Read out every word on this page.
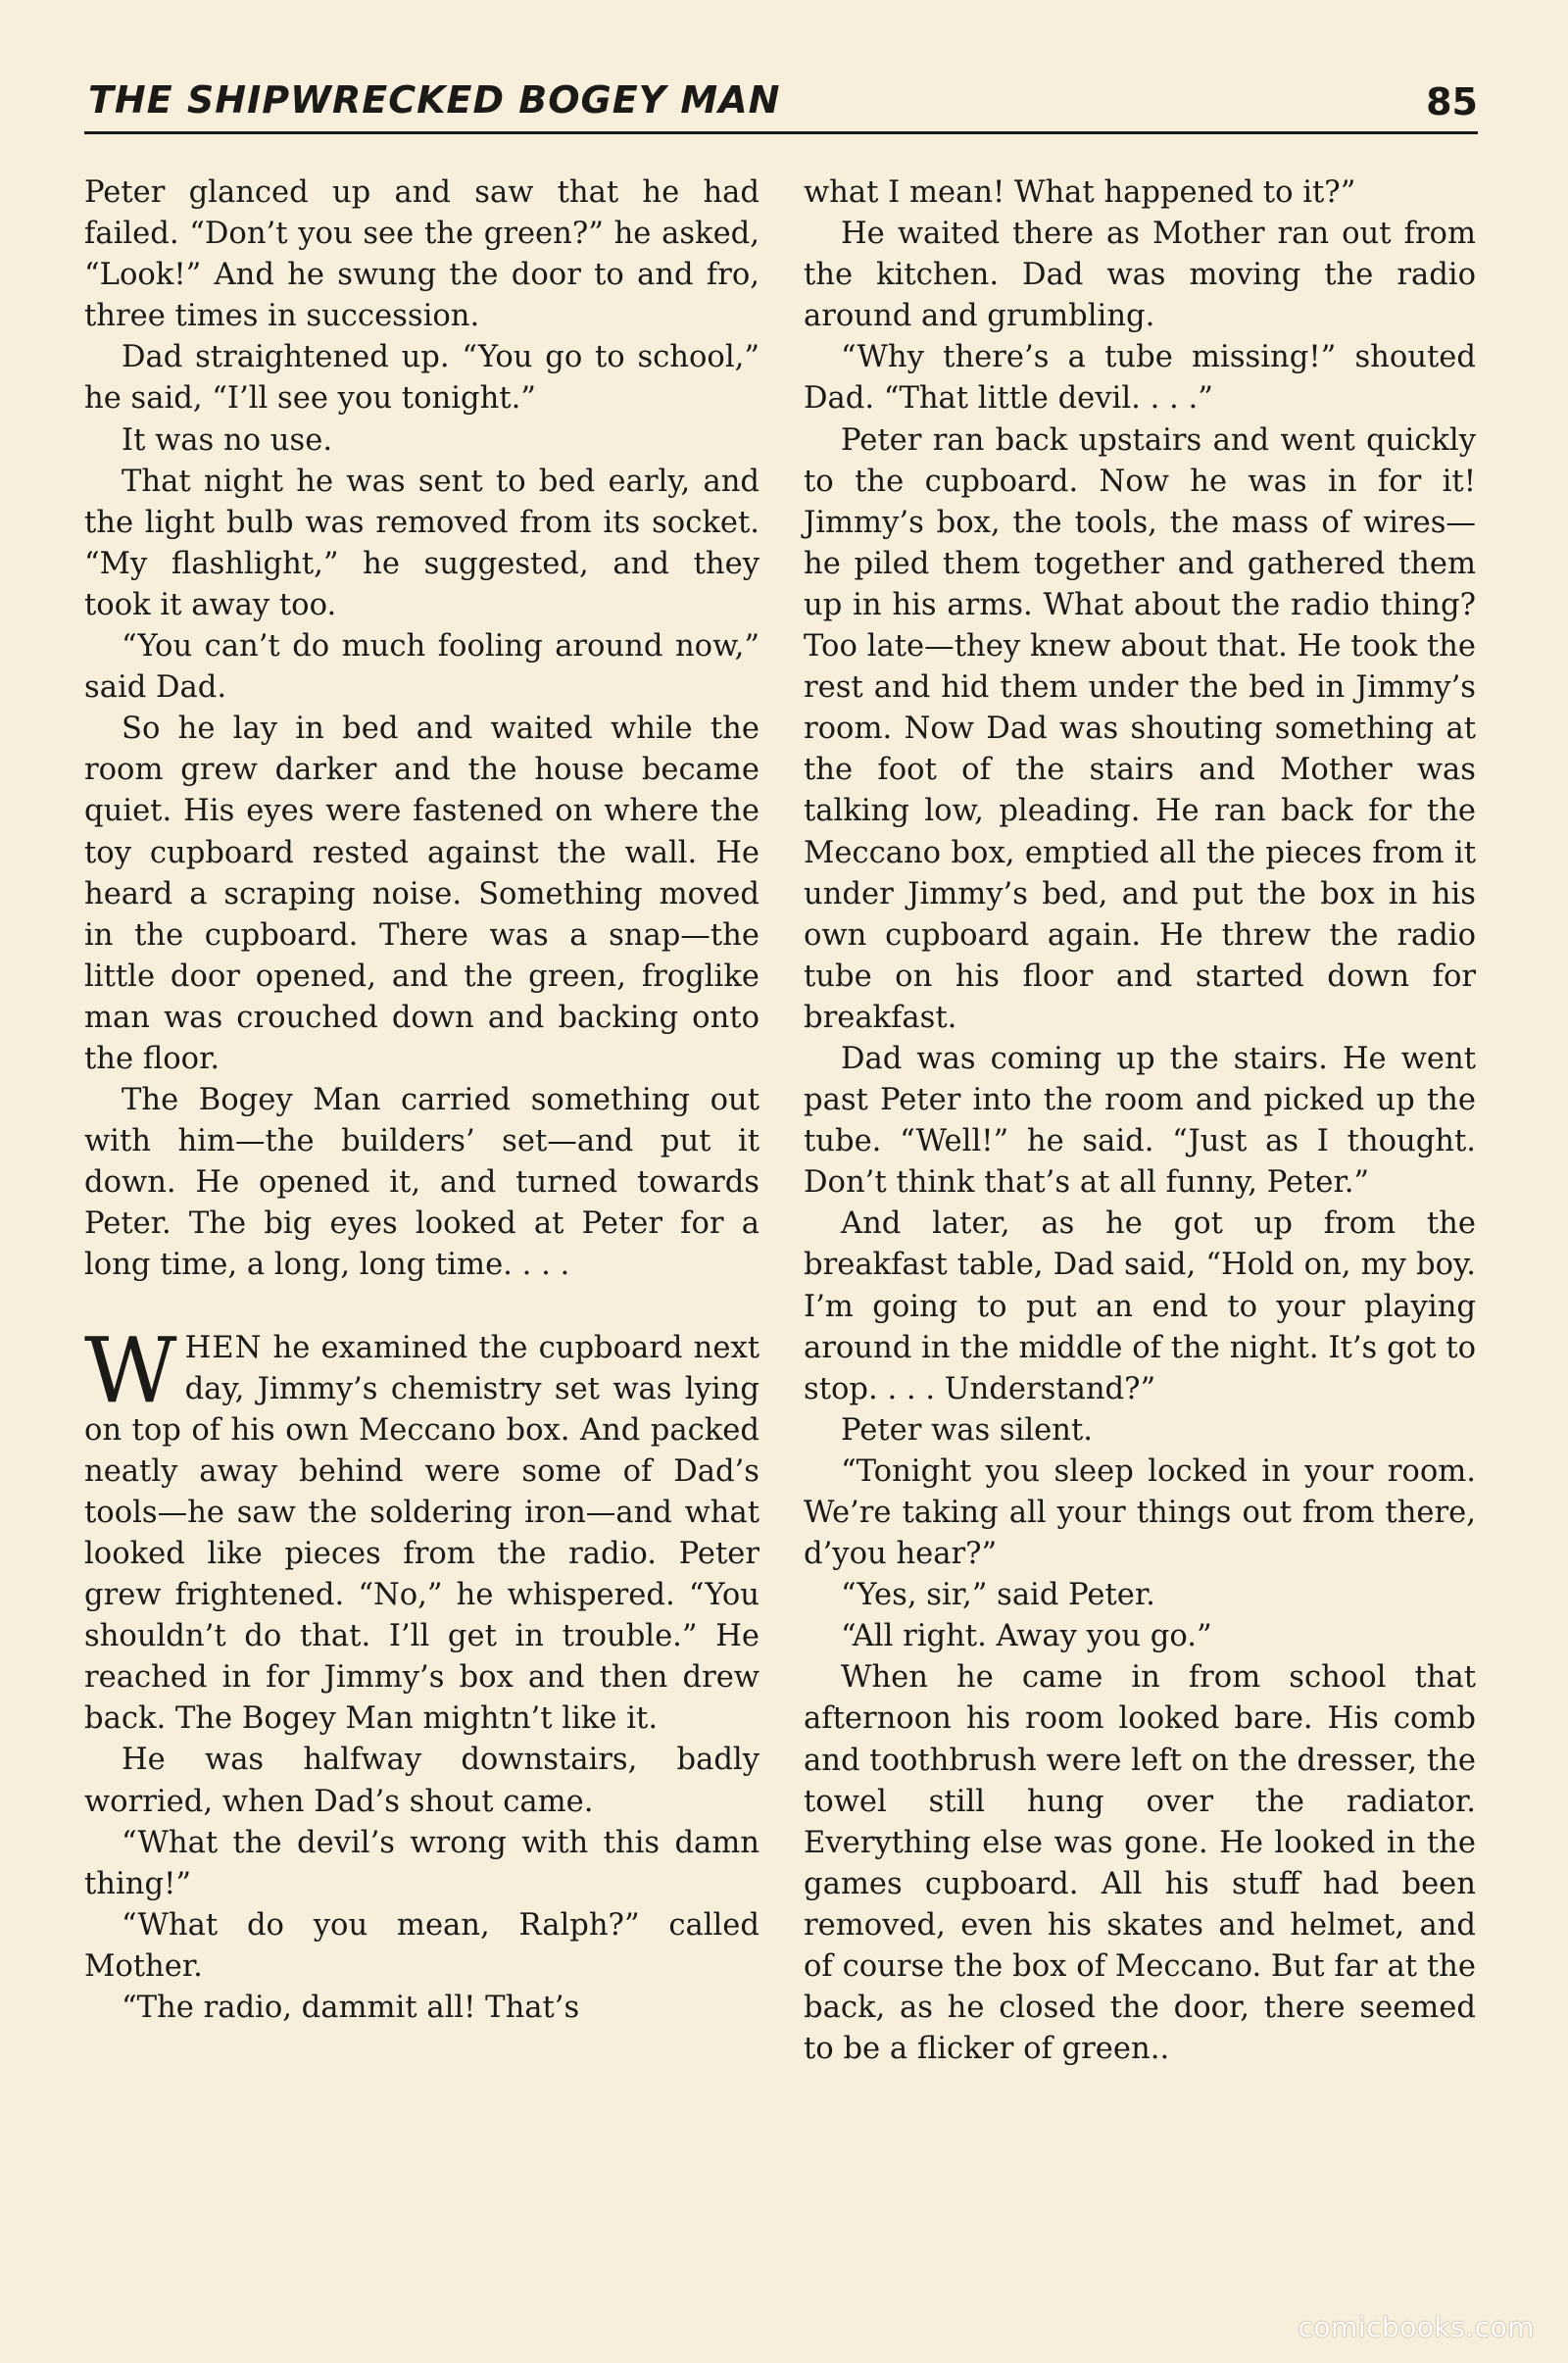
THE SHIPWRECKED BOGEY MAN	85

Peter glanced up and saw that he had failed. “Don’t you see the green?” he asked, “Look!” And he swung the door to and fro, three times in succession.

Dad straightened up. “You go to school,” he said, “I’ll see you tonight.”

It was no use.

That night he was sent to bed early, and the light bulb was removed from its socket. “My flashlight,” he suggested, and they took it away too.

“You can’t do much fooling around now,” said Dad.

So he lay in bed and waited while the room grew darker and the house became quiet. His eyes were fastened on where the toy cupboard rested against the wall. He heard a scraping noise. Something moved in the cupboard. There was a snap—the little door opened, and the green, froglike man was crouched down and backing onto the floor.

The Bogey Man carried something out with him—the builders’ set—and put it down. He opened it, and turned towards Peter. The big eyes looked at Peter for a long time, a long, long time. . . .

WHEN he examined the cupboard next day, Jimmy’s chemistry set was lying on top of his own Meccano box. And packed neatly away behind were some of Dad’s tools—he saw the soldering iron—and what looked like pieces from the radio. Peter grew frightened. “No,” he whispered. “You shouldn’t do that. I’ll get in trouble.” He reached in for Jimmy’s box and then drew back. The Bogey Man mightn’t like it.

He was halfway downstairs, badly worried, when Dad’s shout came.

“What the devil’s wrong with this damn thing!”

“What do you mean, Ralph?” called Mother.

“The radio, dammit all! That’s

what I mean! What happened to it?”

He waited there as Mother ran out from the kitchen. Dad was moving the radio around and grumbling.

“Why there’s a tube missing!” shouted Dad. “That little devil. . . .”

Peter ran back upstairs and went quickly to the cupboard. Now he was in for it! Jimmy’s box, the tools, the mass of wires—he piled them together and gathered them up in his arms. What about the radio thing? Too late—they knew about that. He took the rest and hid them under the bed in Jimmy’s room. Now Dad was shouting something at the foot of the stairs and Mother was talking low, pleading. He ran back for the Meccano box, emptied all the pieces from it under Jimmy’s bed, and put the box in his own cupboard again. He threw the radio tube on his floor and started down for breakfast.

Dad was coming up the stairs. He went past Peter into the room and picked up the tube. “Well!” he said. “Just as I thought. Don’t think that’s at all funny, Peter.”

And later, as he got up from the breakfast table, Dad said, “Hold on, my boy. I’m going to put an end to your playing around in the middle of the night. It’s got to stop. . . . Understand?”

Peter was silent.

“Tonight you sleep locked in your room. We’re taking all your things out from there, d’you hear?”

“Yes, sir,” said Peter.

“All right. Away you go.”

When he came in from school that afternoon his room looked bare. His comb and toothbrush were left on the dresser, the towel still hung over the radiator. Everything else was gone. He looked in the games cupboard. All his stuff had been removed, even his skates and helmet, and of course the box of Meccano. But far at the back, as he closed the door, there seemed to be a flicker of green..

comicbooks.com
